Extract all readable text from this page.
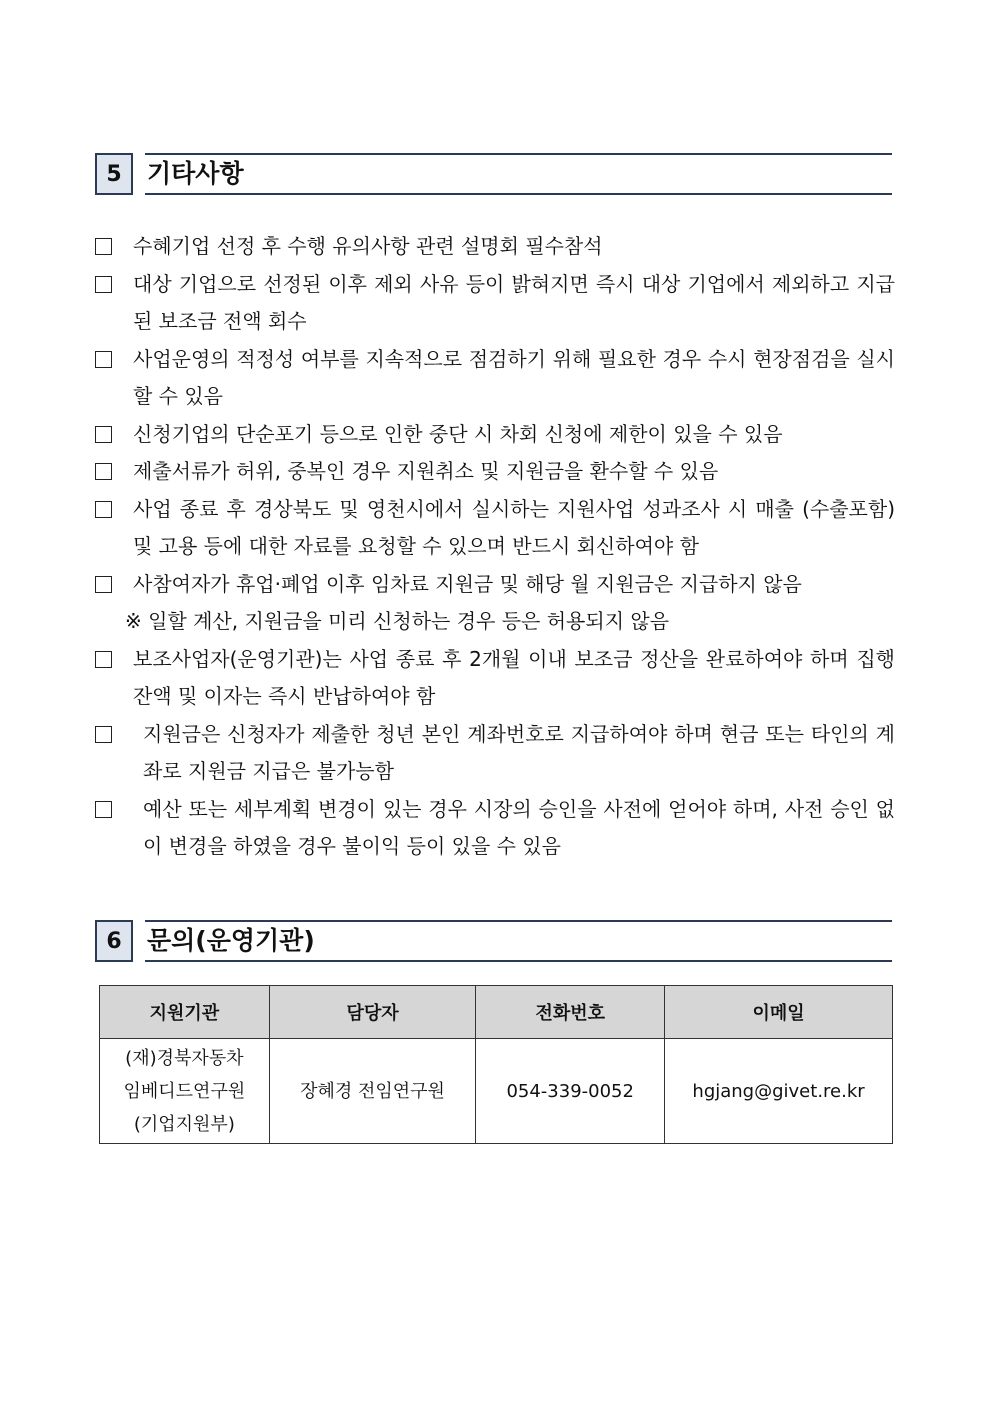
5	기타사항

수혜기업 선정 후 수행 유의사항 관련 설명회 필수참석

대상 기업으로 선정된 이후 제외 사유 등이 밝혀지면 즉시 대상 기업에서 제외하고 지급된 보조금 전액 회수

사업운영의 적정성 여부를 지속적으로 점검하기 위해 필요한 경우 수시 현장점검을 실시할 수 있음

신청기업의 단순포기 등으로 인한 중단 시 차회 신청에 제한이 있을 수 있음

제출서류가 허위, 중복인 경우 지원취소 및 지원금을 환수할 수 있음

사업 종료 후 경상북도 및 영천시에서 실시하는 지원사업 성과조사 시 매출 (수출포함) 및 고용 등에 대한 자료를 요청할 수 있으며 반드시 회신하여야 함

사참여자가 휴업·폐업 이후 임차료 지원금 및 해당 월 지원금은 지급하지 않음

※ 일할 계산, 지원금을 미리 신청하는 경우 등은 허용되지 않음

보조사업자(운영기관)는 사업 종료 후 2개월 이내 보조금 정산을 완료하여야 하며 집행잔액 및 이자는 즉시 반납하여야 함

지원금은 신청자가 제출한 청년 본인 계좌번호로 지급하여야 하며 현금 또는 타인의 계좌로 지원금 지급은 불가능함

예산 또는 세부계획 변경이 있는 경우 시장의 승인을 사전에 얻어야 하며, 사전 승인 없이 변경을 하였을 경우 불이익 등이 있을 수 있음

6	문의(운영기관)
지원기관	담당자	전화번호	이메일

(재)경북자동차
임베디드연구원
(기업지원부)	장혜경 전임연구원	054-339-0052	hgjang@givet.re.kr
